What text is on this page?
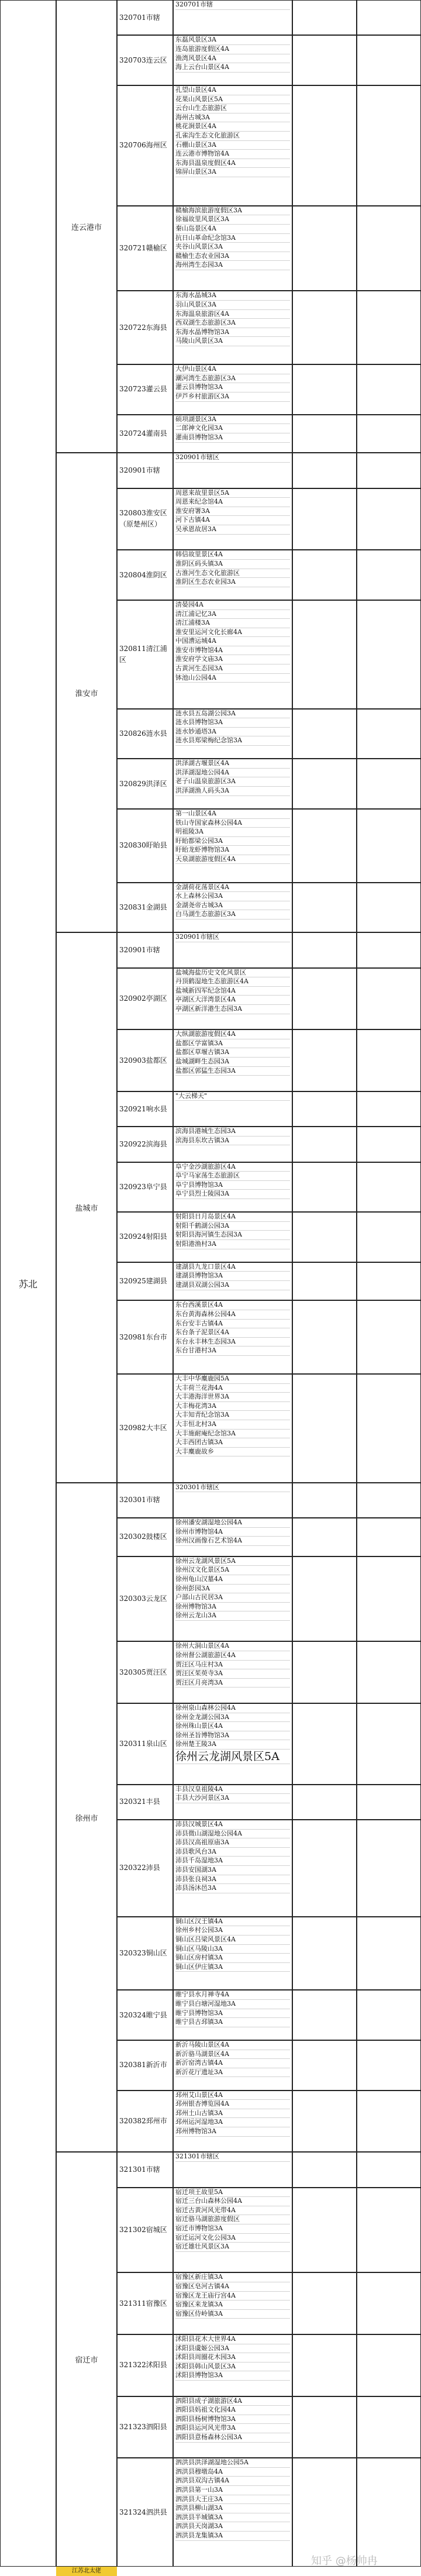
苏北
320701市辖
320701市辖
320703连云区
东磊风景区3A
连岛旅游度假区4A
渔湾风景区4A
海上云台山景区4A
320706海州区
孔望山景区4A
花果山风景区5A
云台山生态旅游区
海州古城3A
桃花涧景区4A
孔雀沟生态文化旅游区
石棚山景区3A
连云港市博物馆4A
东海县温泉度假区4A
锦屏山景区3A
320721赣榆区
赣榆海滨旅游度假区3A
徐福故里风景区3A
秦山岛景区4A
抗日山革命纪念馆3A
夹谷山风景区3A
赣榆生态农业园3A
海州湾生态园3A
320722东海县
东海水晶城3A
羽山风景区3A
东海温泉旅游区4A
西双湖生态旅游区3A
东海水晶博物馆3A
马陵山风景区3A
320723灌云县
大伊山景区4A
潮河湾生态旅游区3A
灌云县博物馆3A
伊芦乡村旅游区3A
320724灌南县
硕项湖景区3A
二郎神文化园3A
灌南县博物馆3A
连云港市
320901市辖
320901市辖区
320803淮安区（原楚州区）
周恩来故里景区5A
周恩来纪念馆4A
淮安府署3A
河下古镇4A
吴承恩故居3A
320804淮阴区
韩信故里景区4A
淮阴区码头镇3A
古淮河生态文化旅游区
淮阴区生态农业园3A
320811清江浦区
清晏园4A
清江浦记忆3A
清江浦楼3A
淮安里运河文化长廊4A
中国漕运城4A
淮安市博物馆4A
淮安府学文庙3A
古黄河生态园3A
钵池山公园4A
320826涟水县
涟水县五岛湖公园3A
涟水县博物馆3A
涟水妙通塔3A
涟水县郑梁梅纪念馆3A
320829洪泽区
洪泽湖古堰景区4A
洪泽湖湿地公园4A
老子山温泉旅游区3A
洪泽湖渔人码头3A
320830盱眙县
第一山景区4A
铁山寺国家森林公园4A
明祖陵3A
盱眙都梁公园3A
盱眙龙虾博物馆3A
天泉湖旅游度假区4A
320831金湖县
金湖荷花荡景区4A
水上森林公园3A
金湖尧帝古城3A
白马湖生态旅游区3A
淮安市
320901市辖
320901市辖区
320902亭湖区
盐城海盐历史文化风景区
丹顶鹤湿地生态旅游区4A
盐城新四军纪念馆4A
亭湖区大洋湾景区4A
亭湖区新洋港生态园3A
320903盐都区
大纵湖旅游度假区4A
盐都区学富镇3A
盐都区草堰古镇3A
盐城湖畔生态园3A
盐都区郭猛生态园3A
320921响水县
"大云梯天"
320922滨海县
滨海县港城生态园3A
滨海县东坎古镇3A
320923阜宁县
阜宁金沙湖旅游区4A
阜宁马家荡生态旅游区
阜宁县博物馆3A
阜宁县烈士陵园3A
320924射阳县
射阳县日月岛景区4A
射阳千鹤湖公园3A
射阳县海河镇生态园3A
射阳港渔村3A
320925建湖县
建湖县九龙口景区4A
建湖县博物馆3A
建湖县双湖公园3A
320981东台市
东台西溪景区4A
东台黄海森林公园4A
东台安丰古镇4A
东台条子泥景区4A
东台永丰林生态园3A
东台甘港村3A
320982大丰区
大丰中华麋鹿园5A
大丰荷兰花海4A
大丰港海洋世界3A
大丰梅花湾3A
大丰知青纪念馆3A
大丰恒北村3A
大丰施耐庵纪念馆3A
大丰西团古镇3A
大丰麋鹿故乡
盐城市
320301市辖
320301市辖区
320302鼓楼区
徐州潘安湖湿地公园4A
徐州市博物馆4A
徐州汉画像石艺术馆4A
320303云龙区
徐州云龙湖风景区5A
徐州汉文化景区5A
徐州龟山汉墓4A
徐州彭园3A
户部山古民居3A
徐州博物馆3A
徐州云龙山3A
320305贾汪区
徐州大洞山景区4A
徐州督公湖旅游区4A
贾汪区马庄村3A
贾汪区茱萸寺3A
贾汪区月亮湾3A
320311泉山区
徐州泉山森林公园4A
徐州金龙湖公园3A
徐州珠山景区4A
徐州圣旨博物馆3A
徐州楚王陵3A
徐州云龙湖风景区5A
320321丰县
丰县汉皇祖陵4A
丰县大沙河景区3A
320322沛县
沛县汉城景区4A
沛县微山湖湿地公园4A
沛县汉高祖原庙3A
沛县歌风台3A
沛县千岛湿地3A
沛县安国湖3A
沛县张良祠3A
沛县汤沐邑3A
320323铜山区
铜山区汉王镇4A
徐州乡村公园3A
铜山区吕梁风景区4A
铜山区马陵山3A
铜山区房村镇3A
铜山区伊庄镇3A
320324睢宁县
睢宁县水月禅寺4A
睢宁县白塘河湿地3A
睢宁县博物馆3A
睢宁县古邳镇3A
320381新沂市
新沂马陵山景区4A
新沂骆马湖景区4A
新沂窑湾古镇4A
新沂花厅遗址3A
320382邳州市
邳州艾山景区4A
邳州银杏博览园4A
邳州土山古镇3A
邳州运河湿地3A
邳州博物馆3A
徐州市
321301市辖
321301市辖区
321302宿城区
宿迁项王故里5A
宿迁三台山森林公园4A
宿迁古黄河风光带4A
宿迁骆马湖旅游度假区
宿迁市博物馆3A
宿迁运河文化公园3A
宿迁雄壮风景区3A
321311宿豫区
宿豫区新庄镇3A
宿豫区皂河古镇4A
宿豫区龙王庙行宫4A
宿豫区来龙镇3A
宿豫区侍岭镇3A
321322沭阳县
沭阳县花木大世界4A
沭阳县虞姬公园3A
沭阳县周圈花木园3A
沭阳县韩山风景区3A
沭阳县博物馆3A
321323泗阳县
泗阳县成子湖旅游区4A
泗阳县妈祖文化园4A
泗阳县杨树博物馆3A
泗阳县运河风光带3A
泗阳县意杨森林公园3A
321324泗洪县
泗洪县洪泽湖湿地公园5A
泗洪县穆墩岛4A
泗洪县双沟古镇4A
泗洪县第一山3A
泗洪县大王庄3A
泗洪县柳山湖3A
泗洪县半城镇3A
泗洪县天岗湖3A
泗洪县龙集镇3A
宿迁市
江苏北太佬
知乎 @杨帅冉
